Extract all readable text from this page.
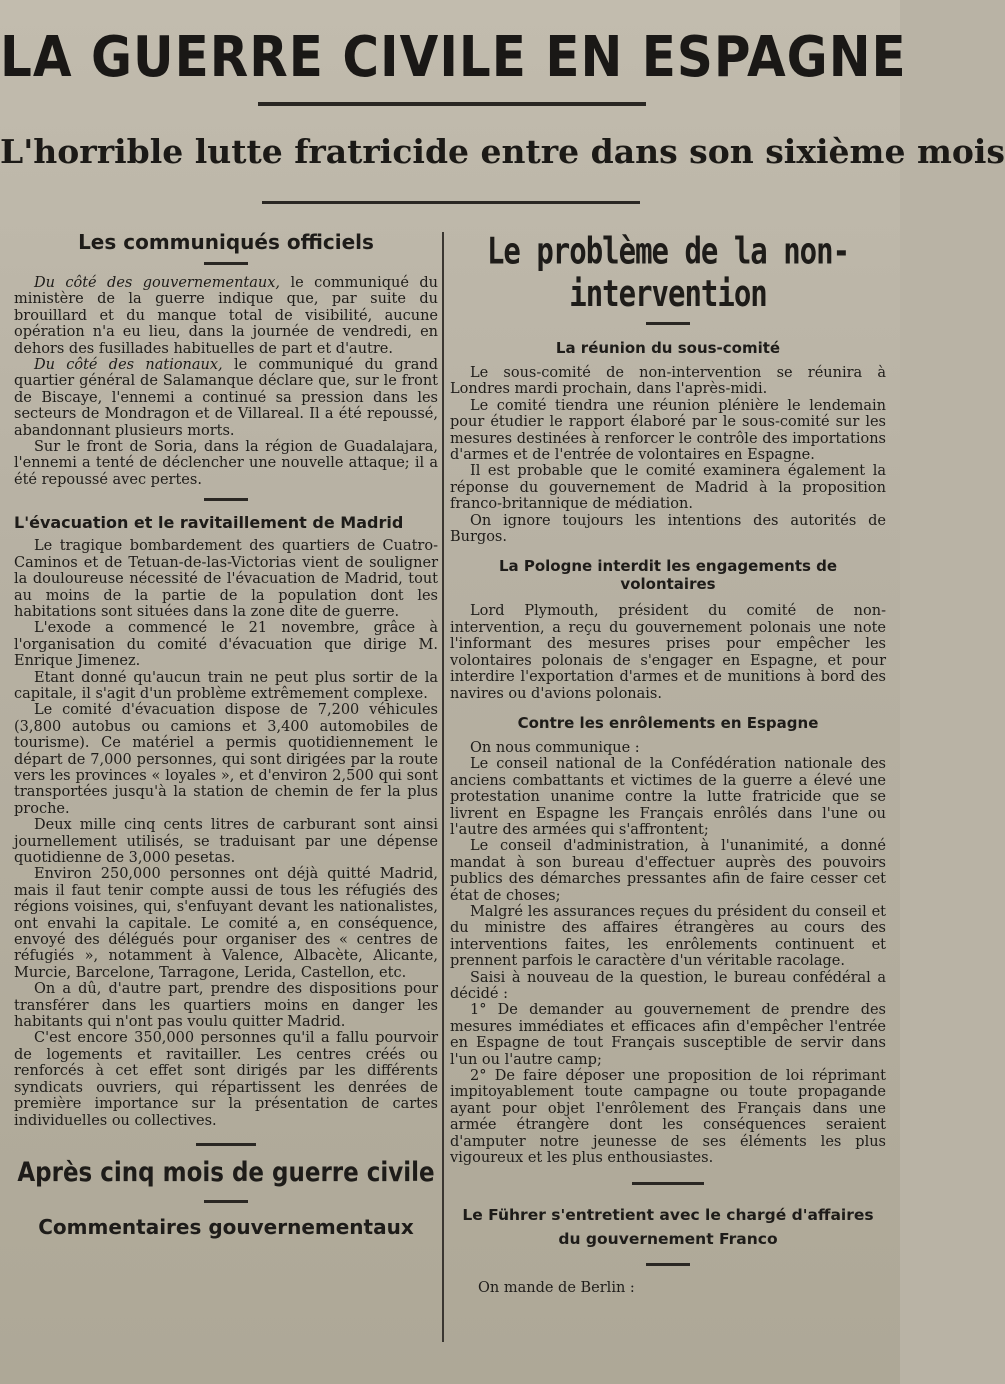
LA GUERRE CIVILE EN ESPAGNE
L'horrible lutte fratricide entre dans son sixième mois
Les communiqués officiels

Du côté des gouvernementaux, le communiqué du ministère de la guerre indique que, par suite du brouillard et du manque total de visibilité, aucune opération n'a eu lieu, dans la journée de vendredi, en dehors des fusillades habituelles de part et d'autre.

Du côté des nationaux, le communiqué du grand quartier général de Salamanque déclare que, sur le front de Biscaye, l'ennemi a continué sa pression dans les secteurs de Mondragon et de Villareal. Il a été repoussé, abandonnant plusieurs morts.

Sur le front de Soria, dans la région de Guadalajara, l'ennemi a tenté de déclencher une nouvelle attaque; il a été repoussé avec pertes.

L'évacuation et le ravitaillement de Madrid

Le tragique bombardement des quartiers de Cuatro-Caminos et de Tetuan-de-las-Victorias vient de souligner la douloureuse nécessité de l'évacuation de Madrid, tout au moins de la partie de la population dont les habitations sont situées dans la zone dite de guerre.

L'exode a commencé le 21 novembre, grâce à l'organisation du comité d'évacuation que dirige M. Enrique Jimenez.

Etant donné qu'aucun train ne peut plus sortir de la capitale, il s'agit d'un problème extrêmement complexe.

Le comité d'évacuation dispose de 7,200 véhicules (3,800 autobus ou camions et 3,400 automobiles de tourisme). Ce matériel a permis quotidiennement le départ de 7,000 personnes, qui sont dirigées par la route vers les provinces « loyales », et d'environ 2,500 qui sont transportées jusqu'à la station de chemin de fer la plus proche.

Deux mille cinq cents litres de carburant sont ainsi journellement utilisés, se traduisant par une dépense quotidienne de 3,000 pesetas.

Environ 250,000 personnes ont déjà quitté Madrid, mais il faut tenir compte aussi de tous les réfugiés des régions voisines, qui, s'enfuyant devant les nationalistes, ont envahi la capitale. Le comité a, en conséquence, envoyé des délégués pour organiser des « centres de réfugiés », notamment à Valence, Albacète, Alicante, Murcie, Barcelone, Tarragone, Lerida, Castellon, etc.

On a dû, d'autre part, prendre des dispositions pour transférer dans les quartiers moins en danger les habitants qui n'ont pas voulu quitter Madrid.

C'est encore 350,000 personnes qu'il a fallu pourvoir de logements et ravitailler. Les centres créés ou renforcés à cet effet sont dirigés par les différents syndicats ouvriers, qui répartissent les denrées de première importance sur la présentation de cartes individuelles ou collectives.

Après cinq mois de guerre civile
Commentaires gouvernementaux
Le problème de la non-intervention
La réunion du sous-comité

Le sous-comité de non-intervention se réunira à Londres mardi prochain, dans l'après-midi.

Le comité tiendra une réunion plénière le lendemain pour étudier le rapport élaboré par le sous-comité sur les mesures destinées à renforcer le contrôle des importations d'armes et de l'entrée de volontaires en Espagne.

Il est probable que le comité examinera également la réponse du gouvernement de Madrid à la proposition franco-britannique de médiation.

On ignore toujours les intentions des autorités de Burgos.

La Pologne interdit les engagements de volontaires

Lord Plymouth, président du comité de non-intervention, a reçu du gouvernement polonais une note l'informant des mesures prises pour empêcher les volontaires polonais de s'engager en Espagne, et pour interdire l'exportation d'armes et de munitions à bord des navires ou d'avions polonais.

Contre les enrôlements en Espagne

On nous communique :

Le conseil national de la Confédération nationale des anciens combattants et victimes de la guerre a élevé une protestation unanime contre la lutte fratricide que se livrent en Espagne les Français enrôlés dans l'une ou l'autre des armées qui s'affrontent;

Le conseil d'administration, à l'unanimité, a donné mandat à son bureau d'effectuer auprès des pouvoirs publics des démarches pressantes afin de faire cesser cet état de choses;

Malgré les assurances reçues du président du conseil et du ministre des affaires étrangères au cours des interventions faites, les enrôlements continuent et prennent parfois le caractère d'un véritable racolage.

Saisi à nouveau de la question, le bureau confédéral a décidé :

1° De demander au gouvernement de prendre des mesures immédiates et efficaces afin d'empêcher l'entrée en Espagne de tout Français susceptible de servir dans l'un ou l'autre camp;

2° De faire déposer une proposition de loi réprimant impitoyablement toute campagne ou toute propagande ayant pour objet l'enrôlement des Français dans une armée étrangère dont les conséquences seraient d'amputer notre jeunesse de ses éléments les plus vigoureux et les plus enthousiastes.

Le Führer s'entretient avec le chargé d'affaires du gouvernement Franco

On mande de Berlin :
